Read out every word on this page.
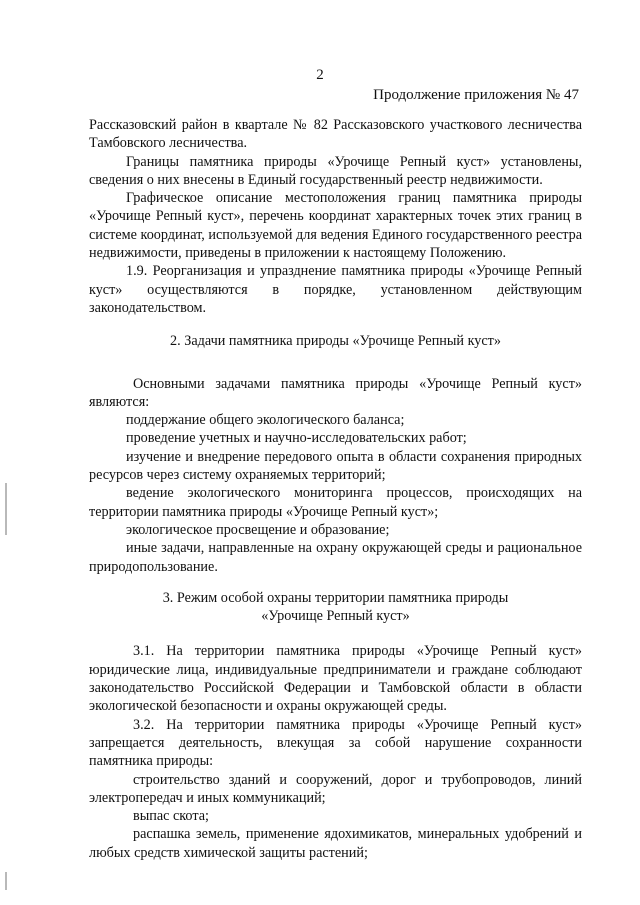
2
Продолжение приложения № 47

Рассказовский район в квартале № 82 Рассказовского участкового лесничества Тамбовского лесничества.

Границы памятника природы «Урочище Репный куст» установлены, сведения о них внесены в Единый государственный реестр недвижимости.

Графическое описание местоположения границ памятника природы «Урочище Репный куст», перечень координат характерных точек этих границ в системе координат, используемой для ведения Единого государственного реестра недвижимости, приведены в приложении к настоящему Положению.

1.9. Реорганизация и упразднение памятника природы «Урочище Репный куст» осуществляются в порядке, установленном действующим законодательством.

2. Задачи памятника природы «Урочище Репный куст»

Основными задачами памятника природы «Урочище Репный куст» являются:

поддержание общего экологического баланса;

проведение учетных и научно-исследовательских работ;

изучение и внедрение передового опыта в области сохранения природных ресурсов через систему охраняемых территорий;

ведение экологического мониторинга процессов, происходящих на территории памятника природы «Урочище Репный куст»;

экологическое просвещение и образование;

иные задачи, направленные на охрану окружающей среды и рациональное природопользование.

3. Режим особой охраны территории памятника природы
«Урочище Репный куст»

3.1. На территории памятника природы «Урочище Репный куст» юридические лица, индивидуальные предприниматели и граждане соблюдают законодательство Российской Федерации и Тамбовской области в области экологической безопасности и охраны окружающей среды.

3.2. На территории памятника природы «Урочище Репный куст» запрещается деятельность, влекущая за собой нарушение сохранности памятника природы:

строительство зданий и сооружений, дорог и трубопроводов, линий электропередач и иных коммуникаций;

выпас скота;

распашка земель, применение ядохимикатов, минеральных удобрений и любых средств химической защиты растений;
